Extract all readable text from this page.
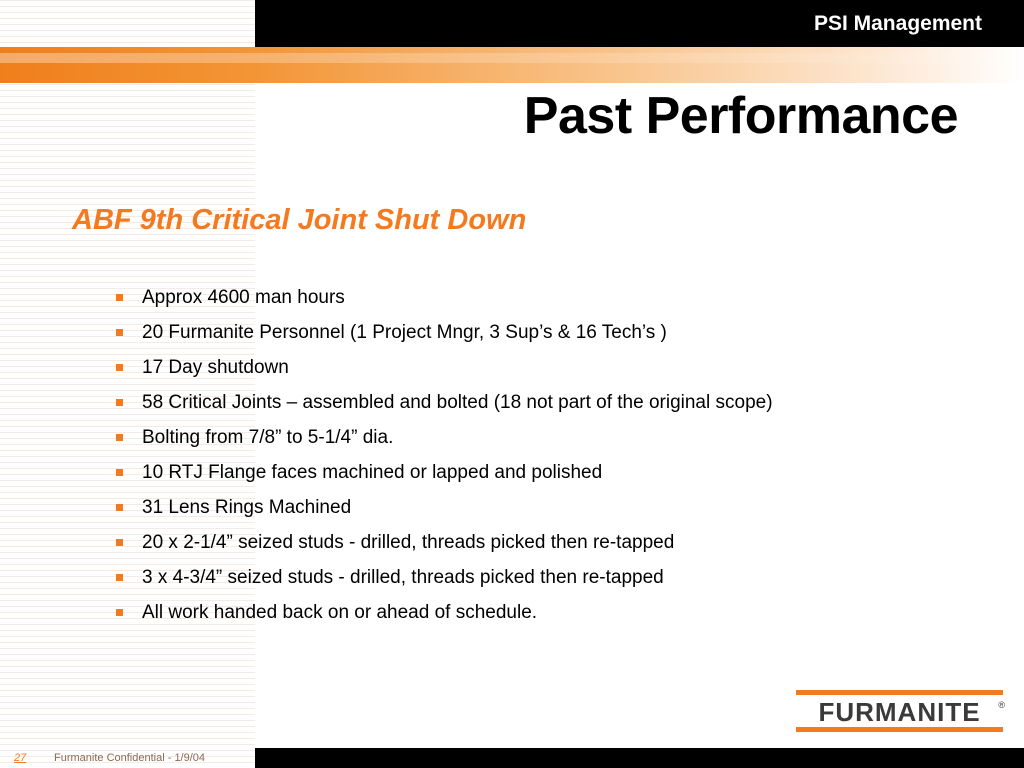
PSI Management
Past Performance
ABF 9th Critical Joint Shut Down
Approx 4600 man hours
20 Furmanite Personnel (1 Project Mngr, 3 Sup’s & 16 Tech’s )
17 Day shutdown
58 Critical Joints – assembled and bolted (18 not part of the original scope)
Bolting from 7/8” to 5-1/4” dia.
10 RTJ Flange faces machined or lapped and polished
31 Lens Rings Machined
20 x 2-1/4” seized studs - drilled, threads picked then re-tapped
3 x 4-3/4” seized studs - drilled, threads picked then re-tapped
All work handed back on or ahead of schedule.
FURMANITE	®
27	Furmanite Confidential - 1/9/04
